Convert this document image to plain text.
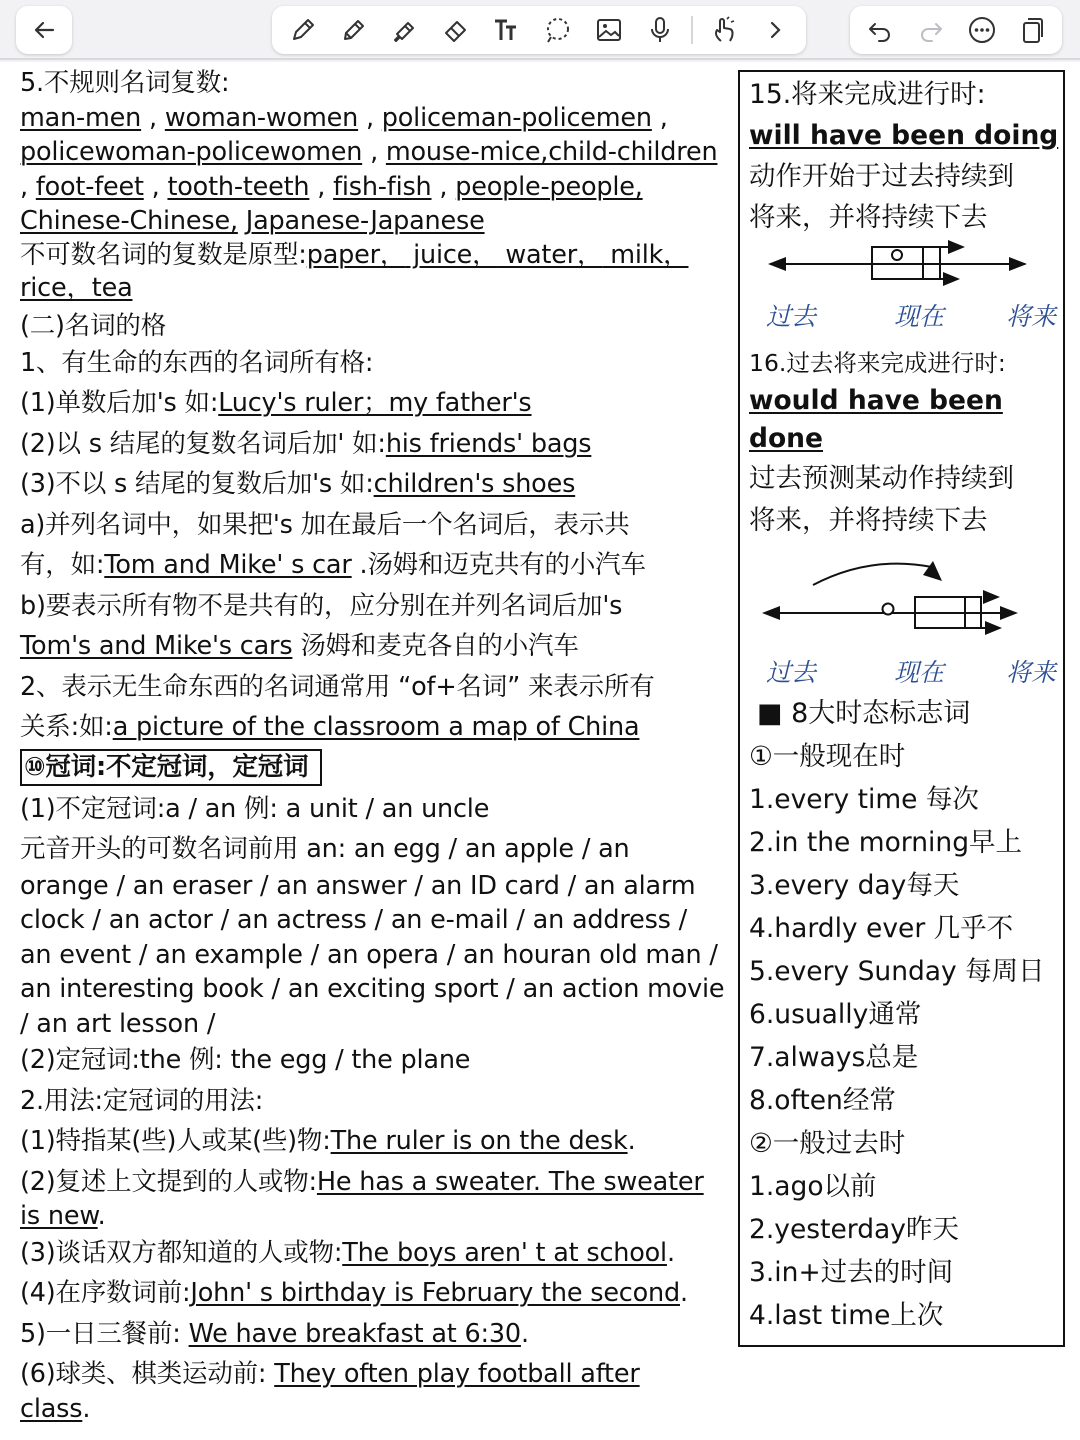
5.不规则名词复数:

man-men , woman-women , policeman-policemen ,
policewoman-policewomen , mouse-mice,child-children
, foot-feet , tooth-teeth , fish-fish , people-people,
Chinese-Chinese, Japanese-Japanese

不可数名词的复数是原型:paper， juice， water， milk，
rice，tea

(二)名词的格

1、有生命的东西的名词所有格:

(1)单数后加's 如:Lucy's ruler；my father's

(2)以 s 结尾的复数名词后加' 如:his friends' bags

(3)不以 s 结尾的复数后加's 如:children's shoes

a)并列名词中，如果把's 加在最后一个名词后，表示共

有，如:Tom and Mike' s car .汤姆和迈克共有的小汽车

b)要表示所有物不是共有的，应分别在并列名词后加's

Tom's and Mike's cars 汤姆和麦克各自的小汽车

2、表示无生命东西的名词通常用 “of+名词” 来表示所有

关系:如:a picture of the classroom a map of China

⑩冠词:不定冠词，定冠词

(1)不定冠词:a / an 例: a unit / an uncle

元音开头的可数名词前用 an: an egg / an apple / an

orange / an eraser / an answer / an ID card / an alarm

clock / an actor / an actress / an e-mail / an address /

an event / an example / an opera / an houran old man /

an interesting book / an exciting sport / an action movie

/ an art lesson /

(2)定冠词:the 例: the egg / the plane

2.用法:定冠词的用法:

(1)特指某(些)人或某(些)物:The ruler is on the desk.

(2)复述上文提到的人或物:He has a sweater. The sweater
is new.

(3)谈话双方都知道的人或物:The boys aren' t at school.

(4)在序数词前:John' s birthday is February the second.

5)一日三餐前: We have breakfast at 6:30.

(6)球类、棋类运动前: They often play football after
class.

15.将来完成进行时:

will have been doing

动作开始于过去持续到

将来，并将持续下去

过去	现在 将来

16.过去将来完成进行时:

would have been

done

过去预测某动作持续到

将来，并将持续下去

过去	现在 将来

■ 8大时态标志词

①一般现在时

1.every time 每次

2.in the morning早上

3.every day每天

4.hardly ever 几乎不

5.every Sunday 每周日

6.usually通常

7.always总是

8.often经常

②一般过去时

1.ago以前

2.yesterday昨天

3.in+过去的时间

4.last time上次
